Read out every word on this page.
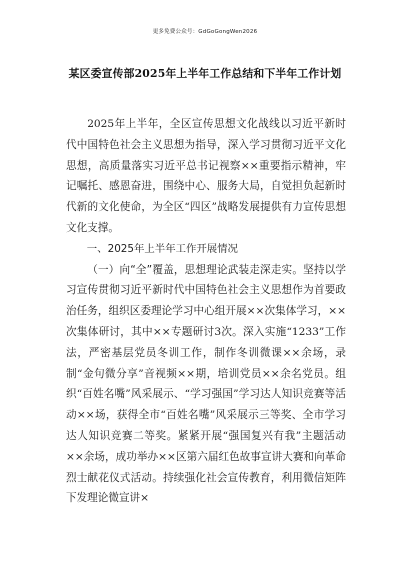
更多免费公众号：GdGoGongWen2026
某区委宣传部2025年上半年工作总结和下半年工作计划

2025年上半年，全区宣传思想文化战线以习近平新时代中国特色社会主义思想为指导，深入学习贯彻习近平文化思想，高质量落实习近平总书记视察××重要指示精神，牢记嘱托、感恩奋进，围绕中心、服务大局，自觉担负起新时代新的文化使命，为全区“四区”战略发展提供有力宣传思想文化支撑。

一、2025年上半年工作开展情况

（一）向“全”覆盖，思想理论武装走深走实。坚持以学习宣传贯彻习近平新时代中国特色社会主义思想作为首要政治任务，组织区委理论学习中心组开展××次集体学习，××次集体研讨，其中××专题研讨3次。深入实施“1233”工作法，严密基层党员冬训工作，制作冬训微课××余场，录制“金句微分享”音视频××期，培训党员××余名党员。组织“百姓名嘴”风采展示、“学习强国”学习达人知识竞赛等活动××场，获得全市“百姓名嘴”风采展示三等奖、全市学习达人知识竞赛二等奖。紧紧开展“强国复兴有我”主题活动××余场，成功举办××区第六届红色故事宣讲大赛和向革命烈士献花仪式活动。持续强化社会宣传教育，利用微信矩阵下发理论微宣讲×
